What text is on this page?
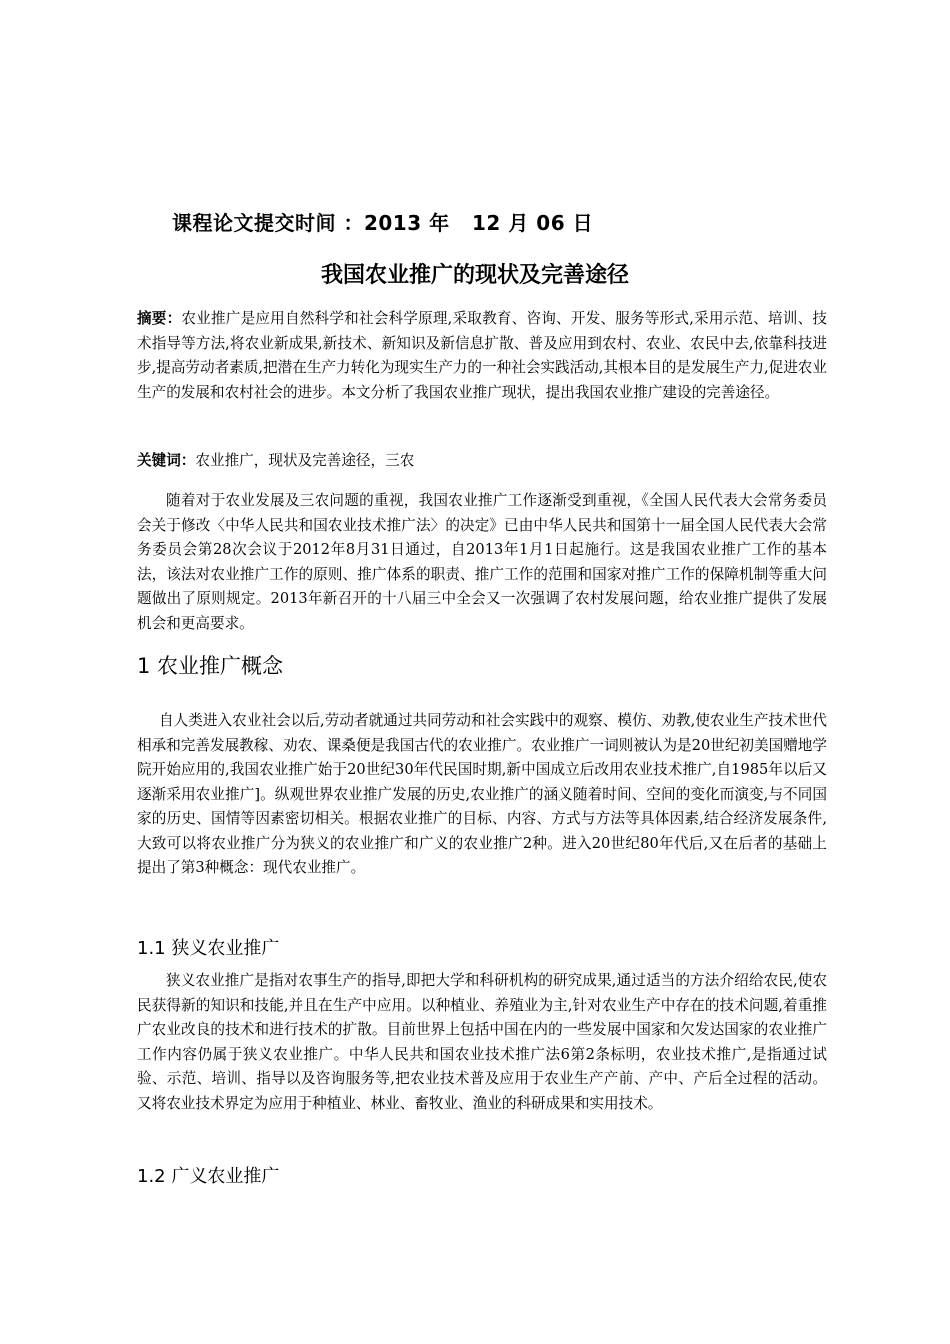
课程论文提交时间 ：2013 年 12 月 06 日
我国农业推广的现状及完善途径

摘要：农业推广是应用自然科学和社会科学原理,采取教育、咨询、开发、服务等形式,采用示范、培训、技术指导等方法,将农业新成果,新技术、新知识及新信息扩散、普及应用到农村、农业、农民中去,依靠科技进步,提高劳动者素质,把潜在生产力转化为现实生产力的一种社会实践活动,其根本目的是发展生产力,促进农业生产的发展和农村社会的进步。本文分析了我国农业推广现状，提出我国农业推广建设的完善途径。

关键词：农业推广，现状及完善途径，三农

随着对于农业发展及三农问题的重视，我国农业推广工作逐渐受到重视，《全国人民代表大会常务委员会关于修改〈中华人民共和国农业技术推广法〉的决定》已由中华人民共和国第十一届全国人民代表大会常务委员会第28次会议于2012年8月31日通过，自2013年1月1日起施行。这是我国农业推广工作的基本法，该法对农业推广工作的原则、推广体系的职责、推广工作的范围和国家对推广工作的保障机制等重大问题做出了原则规定。2013年新召开的十八届三中全会又一次强调了农村发展问题，给农业推广提供了发展机会和更高要求。

1 农业推广概念

自人类进入农业社会以后,劳动者就通过共同劳动和社会实践中的观察、模仿、劝教,使农业生产技术世代相承和完善发展教稼、劝农、课桑便是我国古代的农业推广。农业推广一词则被认为是20世纪初美国赠地学院开始应用的,我国农业推广始于20世纪30年代民国时期,新中国成立后改用农业技术推广,自1985年以后又逐渐采用农业推广]。纵观世界农业推广发展的历史,农业推广的涵义随着时间、空间的变化而演变,与不同国家的历史、国情等因素密切相关。根据农业推广的目标、内容、方式与方法等具体因素,结合经济发展条件,大致可以将农业推广分为狭义的农业推广和广义的农业推广2种。进入20世纪80年代后,又在后者的基础上提出了第3种概念：现代农业推广。

1.1 狭义农业推广

狭义农业推广是指对农事生产的指导,即把大学和科研机构的研究成果,通过适当的方法介绍给农民,使农民获得新的知识和技能,并且在生产中应用。以种植业、养殖业为主,针对农业生产中存在的技术问题,着重推广农业改良的技术和进行技术的扩散。目前世界上包括中国在内的一些发展中国家和欠发达国家的农业推广工作内容仍属于狭义农业推广。中华人民共和国农业技术推广法6第2条标明，农业技术推广,是指通过试验、示范、培训、指导以及咨询服务等,把农业技术普及应用于农业生产产前、产中、产后全过程的活动。又将农业技术界定为应用于种植业、林业、畜牧业、渔业的科研成果和实用技术。

1.2 广义农业推广
